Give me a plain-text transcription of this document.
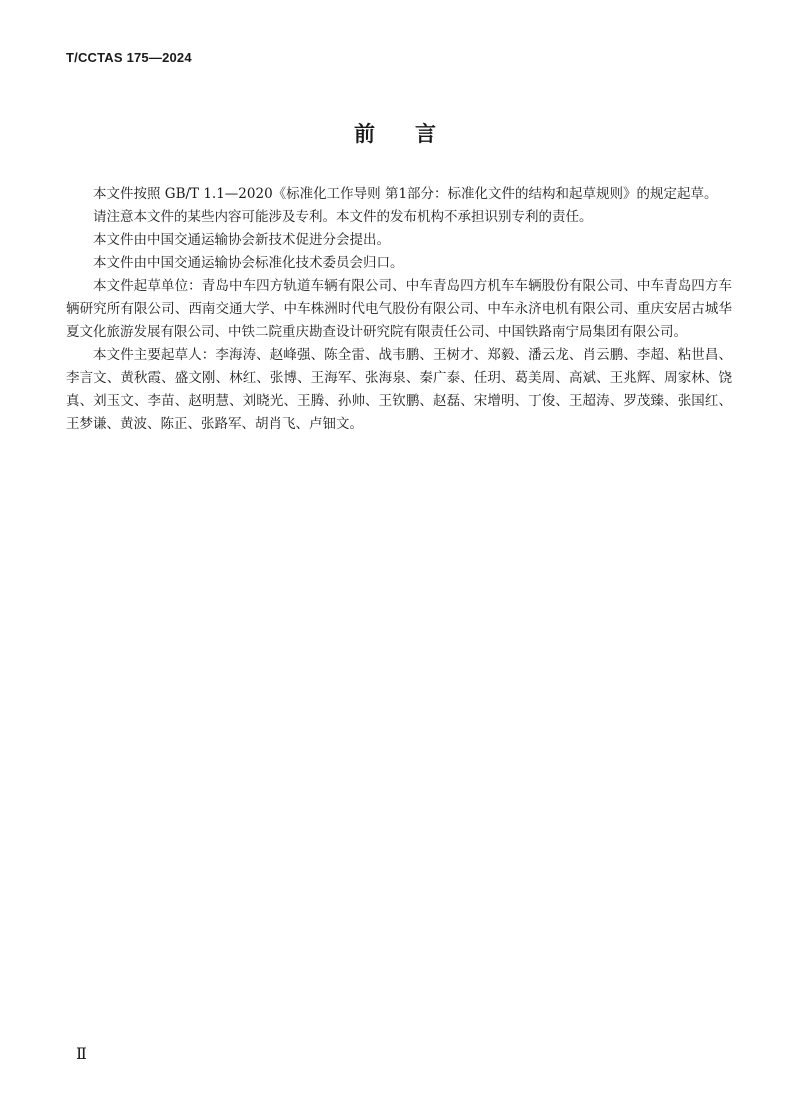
T/CCTAS 175—2024
前 言

本文件按照 GB/T 1.1—2020《标准化工作导则 第1部分：标准化文件的结构和起草规则》的规定起草。

请注意本文件的某些内容可能涉及专利。本文件的发布机构不承担识别专利的责任。

本文件由中国交通运输协会新技术促进分会提出。

本文件由中国交通运输协会标准化技术委员会归口。

本文件起草单位：青岛中车四方轨道车辆有限公司、中车青岛四方机车车辆股份有限公司、中车青岛四方车辆研究所有限公司、西南交通大学、中车株洲时代电气股份有限公司、中车永济电机有限公司、重庆安居古城华夏文化旅游发展有限公司、中铁二院重庆勘查设计研究院有限责任公司、中国铁路南宁局集团有限公司。

本文件主要起草人：李海涛、赵峰强、陈全雷、战韦鹏、王树才、郑毅、潘云龙、肖云鹏、李超、粘世昌、李言文、黄秋霞、盛文刚、林红、张博、王海军、张海泉、秦广泰、任玥、葛美周、高斌、王兆辉、周家林、饶真、刘玉文、李苗、赵明慧、刘晓光、王腾、孙帅、王钦鹏、赵磊、宋增明、丁俊、王超涛、罗茂臻、张国红、王梦谦、黄波、陈正、张路军、胡肖飞、卢钿文。

Ⅱ
